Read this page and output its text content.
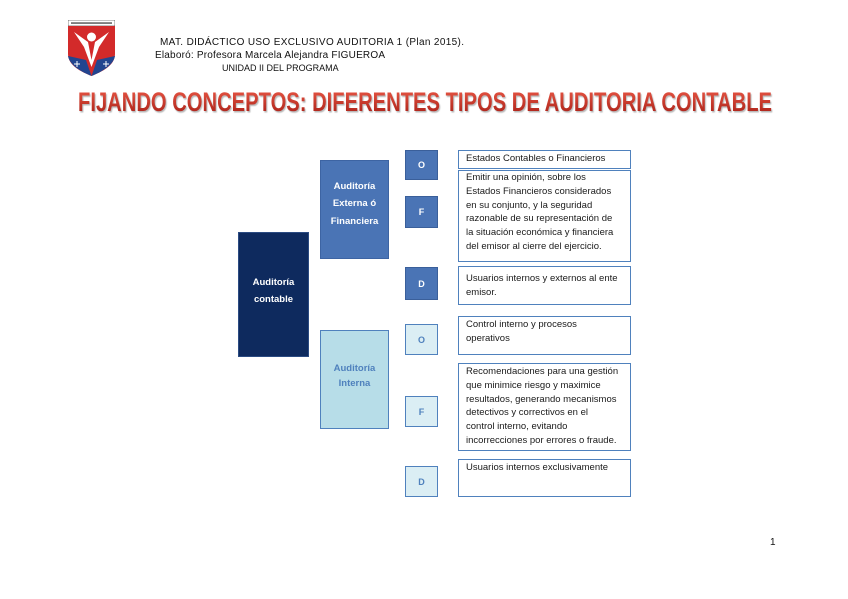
MAT. DIDÁCTICO USO EXCLUSIVO AUDITORIA 1 (Plan 2015).
Elaboró: Profesora Marcela Alejandra FIGUEROA
UNIDAD II DEL PROGRAMA
FIJANDO CONCEPTOS: DIFERENTES TIPOS DE AUDITORIA CONTABLE
Auditoría
contable
Auditoría
Externa ó
Financiera
Auditoría
Interna
O
F
D
O
F
D
Estados Contables o Financieros
Emitir una opinión, sobre los
Estados Financieros considerados
en su conjunto, y la seguridad
razonable de su representación de
la situación económica y financiera
del emisor al cierre del ejercicio.
Usuarios internos y externos al ente
emisor.
Control interno y procesos
operativos
Recomendaciones para una gestión
que minimice riesgo y maximice
resultados, generando mecanismos
detectivos y correctivos en el
control interno, evitando
incorrecciones por errores o fraude.
Usuarios internos exclusivamente
1
